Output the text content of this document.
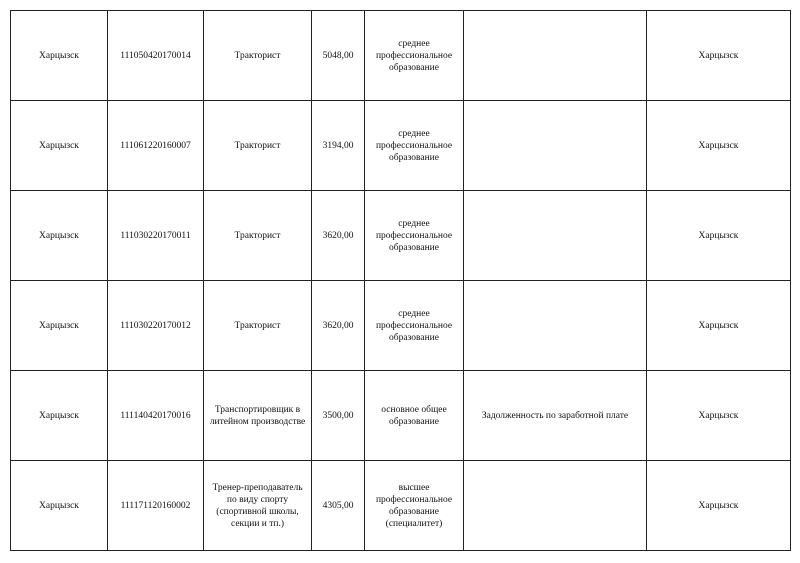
Харцызск	111050420170014	Тракторист	5048,00	среднее
профессиональное
образование		Харцызск
Харцызск	111061220160007	Тракторист	3194,00	среднее
профессиональное
образование		Харцызск
Харцызск	111030220170011	Тракторист	3620,00	среднее
профессиональное
образование		Харцызск
Харцызск	111030220170012	Тракторист	3620,00	среднее
профессиональное
образование		Харцызск
Харцызск	111140420170016	Транспортировщик в
литейном производстве	3500,00	основное общее
образование	Задолженность по заработной плате	Харцызск
Харцызск	111171120160002	Тренер-преподаватель
по виду спорту
(спортивной школы,
секции и тп.)	4305,00	высшее
профессиональное
образование
(специалитет)		Харцызск
